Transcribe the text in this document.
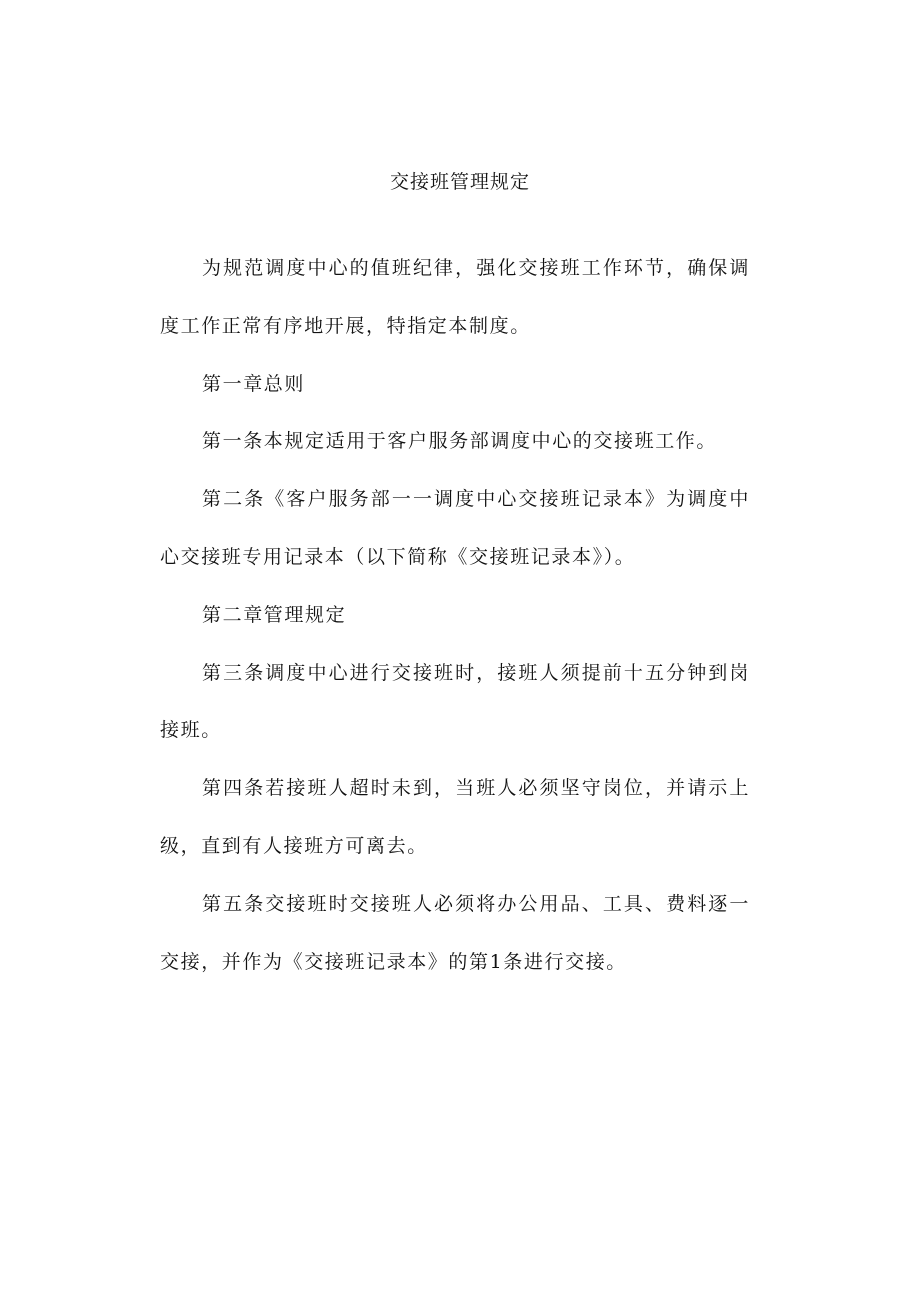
交接班管理规定

为规范调度中心的值班纪律，强化交接班工作环节，确保调度工作正常有序地开展，特指定本制度。

第一章总则

第一条本规定适用于客户服务部调度中心的交接班工作。

第二条《客户服务部一一调度中心交接班记录本》为调度中心交接班专用记录本（以下简称《交接班记录本》）。

第二章管理规定

第三条调度中心进行交接班时，接班人须提前十五分钟到岗接班。

第四条若接班人超时未到，当班人必须坚守岗位，并请示上级，直到有人接班方可离去。

第五条交接班时交接班人必须将办公用品、工具、费料逐一交接，并作为《交接班记录本》的第1条进行交接。
